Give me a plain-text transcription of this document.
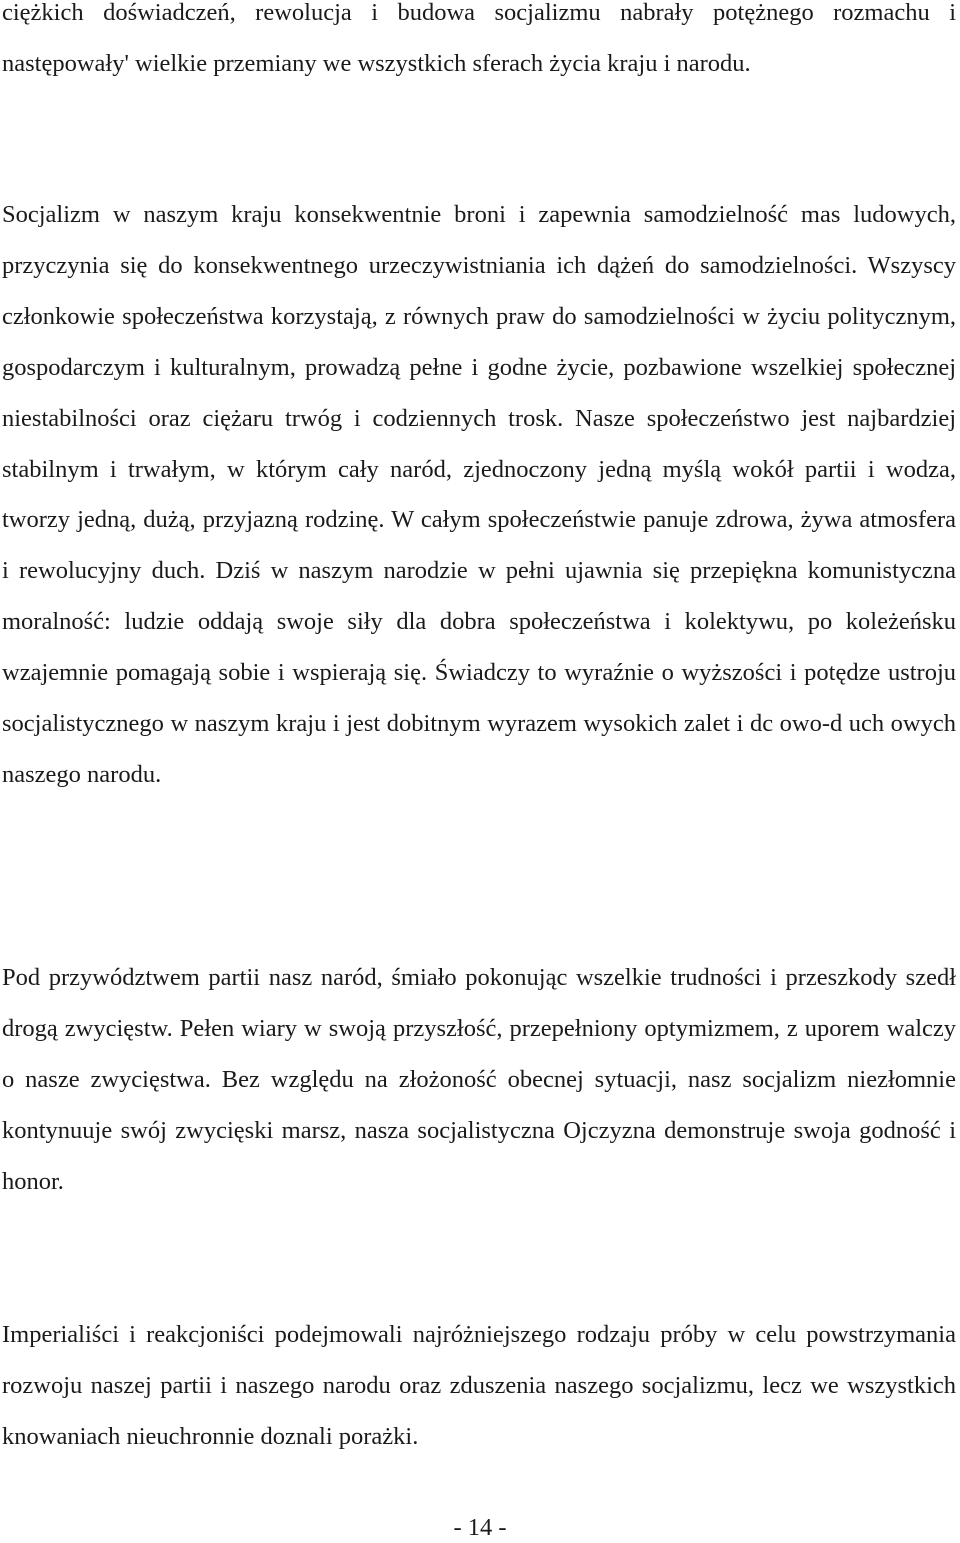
ciężkich doświadczeń, rewolucja i budowa socjalizmu nabrały potężnego rozmachu i następowały' wielkie przemiany we wszystkich sferach życia kraju i narodu.

Socjalizm w naszym kraju konsekwentnie broni i zapewnia samodzielność mas ludowych, przyczynia się do konsekwentnego urzeczywistniania ich dążeń do samodzielności. Wszyscy członkowie społeczeństwa korzystają, z równych praw do samodzielności w życiu politycznym, gospodarczym i kulturalnym, prowadzą pełne i godne życie, pozbawione wszelkiej społecznej niestabilności oraz ciężaru trwóg i codziennych trosk. Nasze społeczeństwo jest najbardziej stabilnym i trwałym, w którym cały naród, zjednoczony jedną myślą wokół partii i wodza, tworzy jedną, dużą, przyjazną rodzinę. W całym społeczeństwie panuje zdrowa, żywa atmosfera i rewolucyjny duch. Dziś w naszym narodzie w pełni ujawnia się przepiękna komunistyczna moralność: ludzie oddają swoje siły dla dobra społeczeństwa i kolektywu, po koleżeńsku wzajemnie pomagają sobie i wspierają się. Świadczy to wyraźnie o wyższości i potędze ustroju socjalistycznego w naszym kraju i jest dobitnym wyrazem wysokich zalet i dc owo-d uch owych naszego narodu.

Pod przywództwem partii nasz naród, śmiało pokonując wszelkie trudności i przeszkody szedł drogą zwycięstw. Pełen wiary w swoją przyszłość, przepełniony optymizmem, z uporem walczy o nasze zwycięstwa. Bez względu na złożoność obecnej sytuacji, nasz socjalizm niezłomnie kontynuuje swój zwycięski marsz, nasza socjalistyczna Ojczyzna demonstruje swoja godność i honor.

Imperialiści i reakcjoniści podejmowali najróżniejszego rodzaju próby w celu powstrzymania rozwoju naszej partii i naszego narodu oraz zduszenia naszego socjalizmu, lecz we wszystkich knowaniach nieuchronnie doznali porażki.

- 14 -
